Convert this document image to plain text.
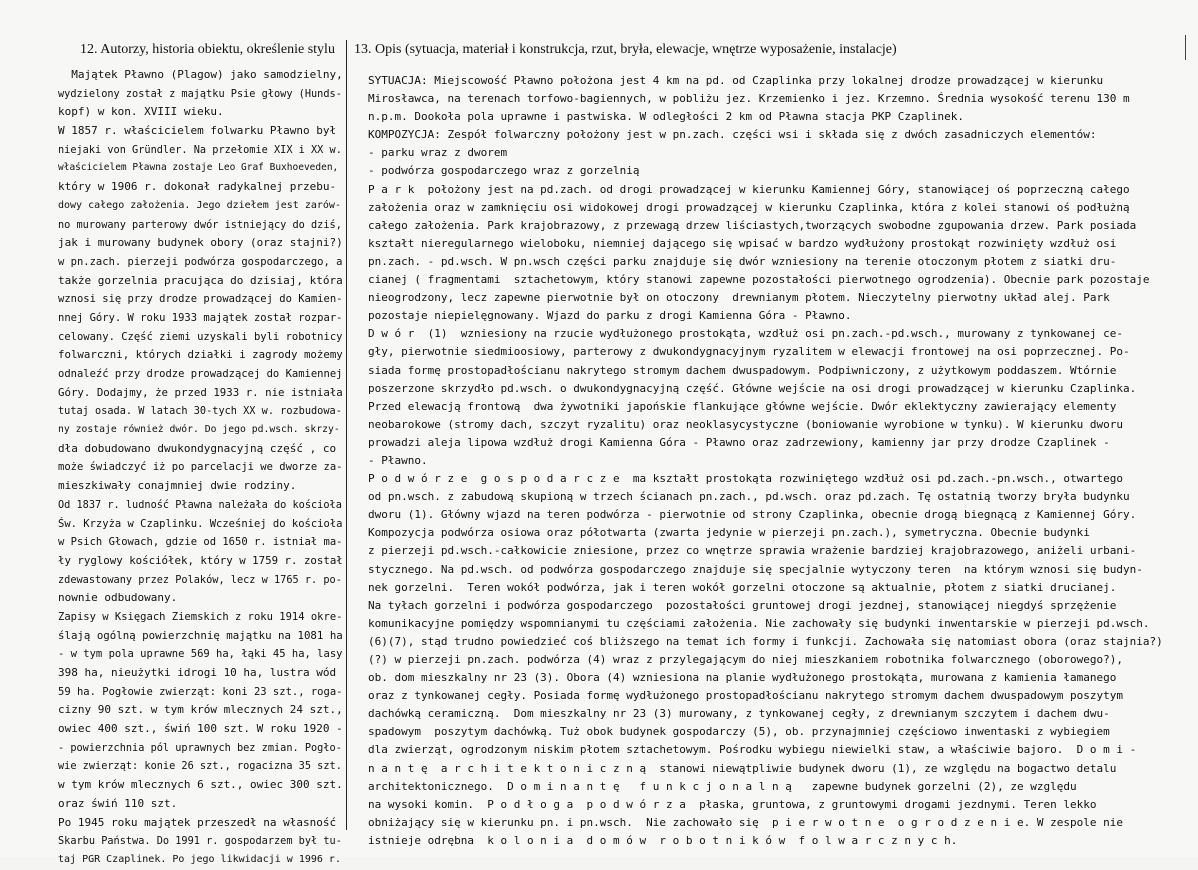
12. Autorzy, historia obiektu, określenie stylu	13. Opis (sytuacja, materiał i konstrukcja, rzut, bryła, elewacje, wnętrze wyposażenie, instalacje)
Majątek Pławno (Plagow) jako samodzielny,
wydzielony został z majątku Psie głowy (Hunds-
kopf) w kon. XVIII wieku.
W 1857 r. właścicielem folwarku Pławno był
niejaki von Gründler. Na przełomie XIX i XX w.
właścicielem Pławna zostaje Leo Graf Buxhoeveden,
który w 1906 r. dokonał radykalnej przebu-
dowy całego założenia. Jego dziełem jest zarów-
no murowany parterowy dwór istniejący do dziś,
jak i murowany budynek obory (oraz stajni?)
w pn.zach. pierzeji podwórza gospodarczego, a
także gorzelnia pracująca do dzisiaj, która
wznosi się przy drodze prowadzącej do Kamien-
nnej Góry. W roku 1933 majątek został rozpar-
celowany. Część ziemi uzyskali byli robotnicy
folwarczni, których działki i zagrody możemy
odnaleźć przy drodze prowadzącej do Kamiennej
Góry. Dodajmy, że przed 1933 r. nie istniała
tutaj osada. W latach 30-tych XX w. rozbudowa-
ny zostaje również dwór. Do jego pd.wsch. skrzy-
dła dobudowano dwukondygnacyjną część , co
może świadczyć iż po parcelacji we dworze za-
mieszkiwały conajmniej dwie rodziny.
Od 1837 r. ludność Pławna należała do kościoła
Św. Krzyża w Czaplinku. Wcześniej do kościoła
w Psich Głowach, gdzie od 1650 r. istniał ma-
ły ryglowy kościółek, który w 1759 r. został
zdewastowany przez Polaków, lecz w 1765 r. po-
nownie odbudowany.
Zapisy w Księgach Ziemskich z roku 1914 okre-
ślają ogólną powierzchnię majątku na 1081 ha
- w tym pola uprawne 569 ha, łąki 45 ha, lasy
398 ha, nieużytki idrogi 10 ha, lustra wód
59 ha. Pogłowie zwierząt: koni 23 szt., roga-
cizny 90 szt. w tym krów mlecznych 24 szt.,
owiec 400 szt., świń 100 szt. W roku 1920 -
- powierzchnia pól uprawnych bez zmian. Pogło-
wie zwierząt: konie 26 szt., rogacizna 35 szt.
w tym krów mlecznych 6 szt., owiec 300 szt.
oraz świń 110 szt.
Po 1945 roku majątek przeszedł na własność
Skarbu Państwa. Do 1991 r. gospodarzem był tu-
taj PGR Czaplinek. Po jego likwidacji w 1996 r.
SYTUACJA: Miejscowość Pławno położona jest 4 km na pd. od Czaplinka przy lokalnej drodze prowadzącej w kierunku
Mirosławca, na terenach torfowo-bagiennych, w pobliżu jez. Krzemienko i jez. Krzemno. Średnia wysokość terenu 130 m
n.p.m. Dookoła pola uprawne i pastwiska. W odległości 2 km od Pławna stacja PKP Czaplinek.
KOMPOZYCJA: Zespół folwarczny położony jest w pn.zach. części wsi i składa się z dwóch zasadniczych elementów:
- parku wraz z dworem
- podwórza gospodarczego wraz z gorzelnią
P a r k  położony jest na pd.zach. od drogi prowadzącej w kierunku Kamiennej Góry, stanowiącej oś poprzeczną całego
założenia oraz w zamknięciu osi widokowej drogi prowadzącej w kierunku Czaplinka, która z kolei stanowi oś podłużną
całego założenia. Park krajobrazowy, z przewagą drzew liściastych,tworzących swobodne zgupowania drzew. Park posiada
kształt nieregularnego wieloboku, niemniej dającego się wpisać w bardzo wydłużony prostokąt rozwinięty wzdłuż osi
pn.zach. - pd.wsch. W pn.wsch części parku znajduje się dwór wzniesiony na terenie otoczonym płotem z siatki dru-
cianej ( fragmentami  sztachetowym, który stanowi zapewne pozostałości pierwotnego ogrodzenia). Obecnie park pozostaje
nieogrodzony, lecz zapewne pierwotnie był on otoczony  drewnianym płotem. Nieczytelny pierwotny układ alej. Park
pozostaje niepielęgnowany. Wjazd do parku z drogi Kamienna Góra - Pławno.
D w ó r  (1)  wzniesiony na rzucie wydłużonego prostokąta, wzdłuż osi pn.zach.-pd.wsch., murowany z tynkowanej ce-
gły, pierwotnie siedmioosiowy, parterowy z dwukondygnacyjnym ryzalitem w elewacji frontowej na osi poprzecznej. Po-
siada formę prostopadłościanu nakrytego stromym dachem dwuspadowym. Podpiwniczony, z użytkowym poddaszem. Wtórnie
poszerzone skrzydło pd.wsch. o dwukondygnacyjną część. Główne wejście na osi drogi prowadzącej w kierunku Czaplinka.
Przed elewacją frontową  dwa żywotniki japońskie flankujące główne wejście. Dwór eklektyczny zawierający elementy
neobarokowe (stromy dach, szczyt ryzalitu) oraz neoklasycystyczne (boniowanie wyrobione w tynku). W kierunku dworu
prowadzi aleja lipowa wzdłuż drogi Kamienna Góra - Pławno oraz zadrzewiony, kamienny jar przy drodze Czaplinek -
- Pławno.
P o d w ó r z e  g o s p o d a r c z e  ma kształt prostokąta rozwiniętego wzdłuż osi pd.zach.-pn.wsch., otwartego
od pn.wsch. z zabudową skupioną w trzech ścianach pn.zach., pd.wsch. oraz pd.zach. Tę ostatnią tworzy bryła budynku
dworu (1). Główny wjazd na teren podwórza - pierwotnie od strony Czaplinka, obecnie drogą biegnącą z Kamiennej Góry.
Kompozycja podwórza osiowa oraz półotwarta (zwarta jedynie w pierzeji pn.zach.), symetryczna. Obecnie budynki
z pierzeji pd.wsch.-całkowicie zniesione, przez co wnętrze sprawia wrażenie bardziej krajobrazowego, aniżeli urbani-
stycznego. Na pd.wsch. od podwórza gospodarczego znajduje się specjalnie wytyczony teren  na którym wznosi się budyn-
nek gorzelni.  Teren wokół podwórza, jak i teren wokół gorzelni otoczone są aktualnie, płotem z siatki drucianej.
Na tyłach gorzelni i podwórza gospodarczego  pozostałości gruntowej drogi jezdnej, stanowiącej niegdyś sprzężenie
komunikacyjne pomiędzy wspomnianymi tu częściami założenia. Nie zachowały się budynki inwentarskie w pierzeji pd.wsch.
(6)(7), stąd trudno powiedzieć coś bliższego na temat ich formy i funkcji. Zachowała się natomiast obora (oraz stajnia?)
(?) w pierzeji pn.zach. podwórza (4) wraz z przylegającym do niej mieszkaniem robotnika folwarcznego (oborowego?),
ob. dom mieszkalny nr 23 (3). Obora (4) wzniesiona na planie wydłużonego prostokąta, murowana z kamienia łamanego
oraz z tynkowanej cegły. Posiada formę wydłużonego prostopadłościanu nakrytego stromym dachem dwuspadowym poszytym
dachówką ceramiczną.  Dom mieszkalny nr 23 (3) murowany, z tynkowanej cegły, z drewnianym szczytem i dachem dwu-
spadowym  poszytym dachówką. Tuż obok budynek gospodarczy (5), ob. przynajmniej częściowo inwentaski z wybiegiem
dla zwierząt, ogrodzonym niskim płotem sztachetowym. Pośrodku wybiegu niewielki staw, a właściwie bajoro.  D o m i -
n a n t ę  a r c h i t e k t o n i c z n ą  stanowi niewątpliwie budynek dworu (1), ze względu na bogactwo detalu
architektonicznego.  D o m i n a n t ę   f u n k c j o n a l n ą   zapewne budynek gorzelni (2), ze względu
na wysoki komin.  P o d ł o g a  p o d w ó r z a  płaska, gruntowa, z gruntowymi drogami jezdnymi. Teren lekko
obniżający się w kierunku pn. i pn.wsch.  Nie zachowało się  p i e r w o t n e  o g r o d z e n i e. W zespole nie
istnieje odrębna  k o l o n i a  d o m ó w  r o b o t n i k ó w  f o l w a r c z n y c h.
